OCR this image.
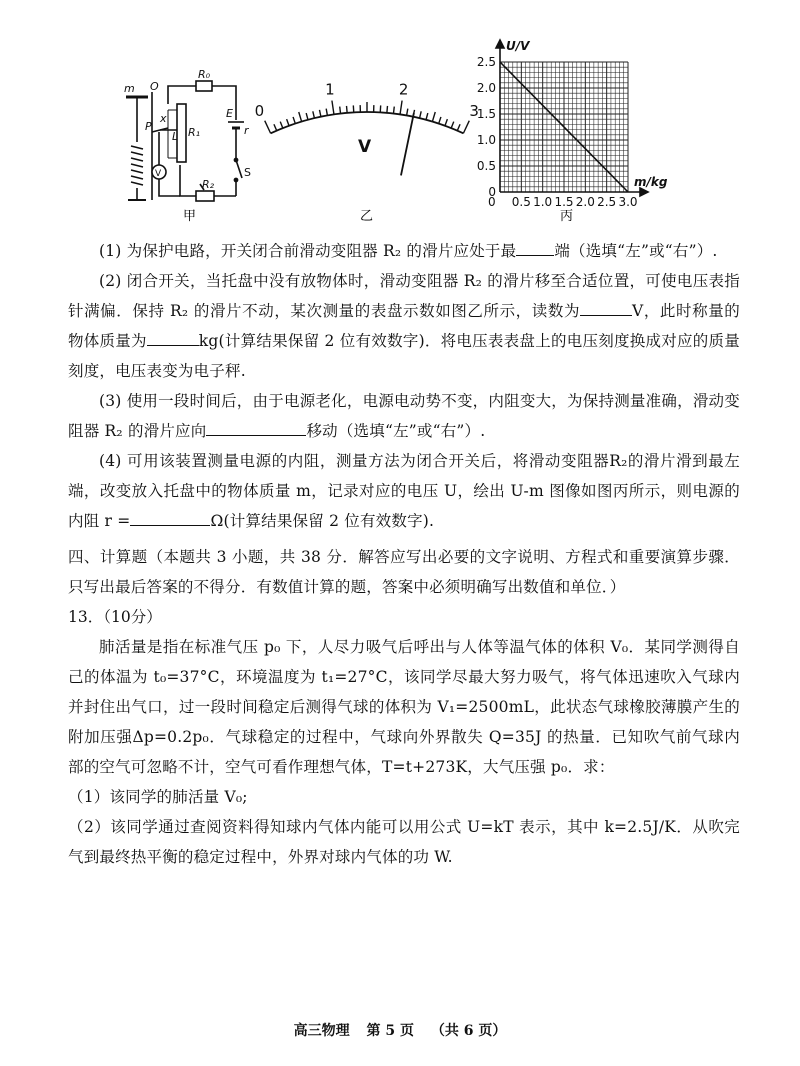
m O
x
P
L R₁
R₀
R₂
E
r
S
V
甲
0
1	2
3
V
乙
0
0.5
1.0
1.5
2.0
2.5
0.5 1.0 1.5 2.0 2.5 3.0
0
U/V
m/kg
丙
(1) 为保护电路，开关闭合前滑动变阻器 R₂ 的滑片应处于最 端（选填“左”或“右”）.
(2) 闭合开关，当托盘中没有放物体时，滑动变阻器 R₂ 的滑片移至合适位置，可使电压表指针满偏．保持 R₂ 的滑片不动，某次测量的表盘示数如图乙所示，读数为	V，此时称量的物体质量为	kg(计算结果保留 2 位有效数字)．将电压表表盘上的电压刻度换成对应的质量刻度，电压表变为电子秤.
(3) 使用一段时间后，由于电源老化，电源电动势不变，内阻变大，为保持测量准确，滑动变阻器 R₂ 的滑片应向	移动（选填“左”或“右”）.
(4) 可用该装置测量电源的内阻，测量方法为闭合开关后，将滑动变阻器R₂的滑片滑到最左端，改变放入托盘中的物体质量 m，记录对应的电压 U，绘出 U-m 图像如图丙所示，则电源的内阻 r =	Ω(计算结果保留 2 位有效数字).
四、计算题（本题共 3 小题，共 38 分．解答应写出必要的文字说明、方程式和重要演算步骤．只写出最后答案的不得分．有数值计算的题，答案中必须明确写出数值和单位．）
13．（10分）
肺活量是指在标准气压 p₀ 下，人尽力吸气后呼出与人体等温气体的体积 V₀．某同学测得自己的体温为 t₀=37°C，环境温度为 t₁=27°C，该同学尽最大努力吸气，将气体迅速吹入气球内并封住出气口，过一段时间稳定后测得气球的体积为 V₁=2500mL，此状态气球橡胶薄膜产生的附加压强Δp=0.2p₀．气球稳定的过程中，气球向外界散失 Q=35J 的热量．已知吹气前气球内部的空气可忽略不计，空气可看作理想气体，T=t+273K，大气压强 p₀．求：
（1）该同学的肺活量 V₀;
（2）该同学通过查阅资料得知球内气体内能可以用公式 U=kT 表示，其中 k=2.5J/K．从吹完气到最终热平衡的稳定过程中，外界对球内气体的功 W.
高三物理 第 5 页 （共 6 页）
